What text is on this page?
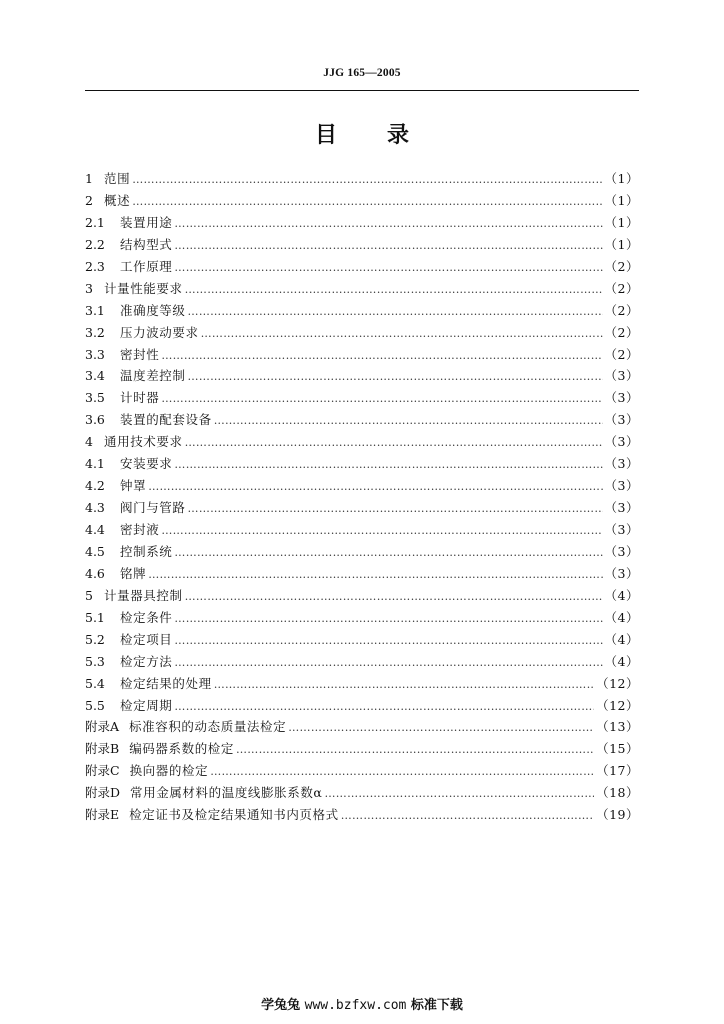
JJG 165—2005
目录
1 范围 ………………………………………………………………………………………………………………………………………………………………………	（1）
2 概述 ………………………………………………………………………………………………………………………………………………………………………	（1）
2.1	装置用途 ………………………………………………………………………………………………………………………………………………………………………	（1）
2.2	结构型式 ………………………………………………………………………………………………………………………………………………………………………	（1）
2.3	工作原理 ………………………………………………………………………………………………………………………………………………………………………	（2）
3 计量性能要求 ………………………………………………………………………………………………………………………………………………………………………	（2）
3.1	准确度等级 ………………………………………………………………………………………………………………………………………………………………………	（2）
3.2	压力波动要求 ………………………………………………………………………………………………………………………………………………………………………	（2）
3.3	密封性 ………………………………………………………………………………………………………………………………………………………………………	（2）
3.4	温度差控制 ………………………………………………………………………………………………………………………………………………………………………	（3）
3.5	计时器 ………………………………………………………………………………………………………………………………………………………………………	（3）
3.6	装置的配套设备 ………………………………………………………………………………………………………………………………………………………………………	（3）
4 通用技术要求 ………………………………………………………………………………………………………………………………………………………………………	（3）
4.1	安装要求 ………………………………………………………………………………………………………………………………………………………………………	（3）
4.2	钟罩 ………………………………………………………………………………………………………………………………………………………………………	（3）
4.3	阀门与管路 ………………………………………………………………………………………………………………………………………………………………………	（3）
4.4	密封液 ………………………………………………………………………………………………………………………………………………………………………	（3）
4.5	控制系统 ………………………………………………………………………………………………………………………………………………………………………	（3）
4.6	铭牌 ………………………………………………………………………………………………………………………………………………………………………	（3）
5 计量器具控制 ………………………………………………………………………………………………………………………………………………………………………	（4）
5.1	检定条件 ………………………………………………………………………………………………………………………………………………………………………	（4）
5.2	检定项目 ………………………………………………………………………………………………………………………………………………………………………	（4）
5.3	检定方法 ………………………………………………………………………………………………………………………………………………………………………	（4）
5.4	检定结果的处理 ………………………………………………………………………………………………………………………………………………………………………	（12）
5.5	检定周期 ………………………………………………………………………………………………………………………………………………………………………	（12）
附录A 标准容积的动态质量法检定 ………………………………………………………………………………………………………………………………………………………………………	（13）
附录B 编码器系数的检定 ………………………………………………………………………………………………………………………………………………………………………	（15）
附录C 换向器的检定 ………………………………………………………………………………………………………………………………………………………………………	（17）
附录D 常用金属材料的温度线膨胀系数α ………………………………………………………………………………………………………………………………………………………………………	（18）
附录E 检定证书及检定结果通知书内页格式 ………………………………………………………………………………………………………………………………………………………………………	（19）
学兔兔 www.bzfxw.com 标准下载
